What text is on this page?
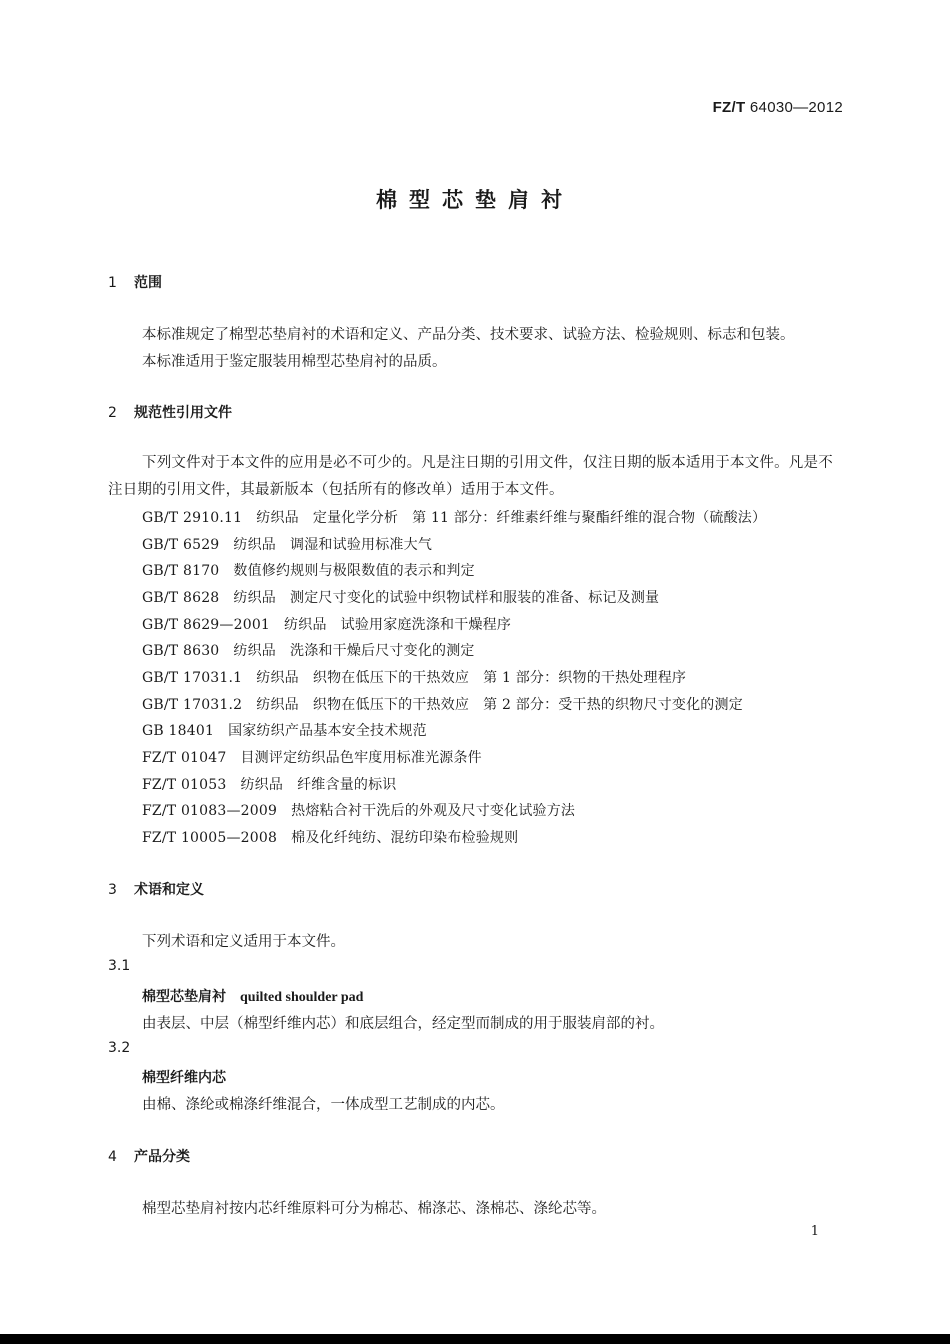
FZ/T 64030—2012
棉型芯垫肩衬
1 范围
本标准规定了棉型芯垫肩衬的术语和定义、产品分类、技术要求、试验方法、检验规则、标志和包装。
本标准适用于鉴定服装用棉型芯垫肩衬的品质。
2 规范性引用文件
下列文件对于本文件的应用是必不可少的。凡是注日期的引用文件，仅注日期的版本适用于本文件。凡是不注日期的引用文件，其最新版本（包括所有的修改单）适用于本文件。
GB/T 2910.11 纺织品 定量化学分析 第 11 部分：纤维素纤维与聚酯纤维的混合物（硫酸法）
GB/T 6529 纺织品 调湿和试验用标准大气
GB/T 8170 数值修约规则与极限数值的表示和判定
GB/T 8628 纺织品 测定尺寸变化的试验中织物试样和服装的准备、标记及测量
GB/T 8629—2001 纺织品 试验用家庭洗涤和干燥程序
GB/T 8630 纺织品 洗涤和干燥后尺寸变化的测定
GB/T 17031.1 纺织品 织物在低压下的干热效应 第 1 部分：织物的干热处理程序
GB/T 17031.2 纺织品 织物在低压下的干热效应 第 2 部分：受干热的织物尺寸变化的测定
GB 18401 国家纺织产品基本安全技术规范
FZ/T 01047 目测评定纺织品色牢度用标准光源条件
FZ/T 01053 纺织品 纤维含量的标识
FZ/T 01083—2009 热熔粘合衬干洗后的外观及尺寸变化试验方法
FZ/T 10005—2008 棉及化纤纯纺、混纺印染布检验规则
3 术语和定义
下列术语和定义适用于本文件。
3.1
棉型芯垫肩衬 quilted shoulder pad
由表层、中层（棉型纤维内芯）和底层组合，经定型而制成的用于服装肩部的衬。
3.2
棉型纤维内芯
由棉、涤纶或棉涤纤维混合，一体成型工艺制成的内芯。
4 产品分类
棉型芯垫肩衬按内芯纤维原料可分为棉芯、棉涤芯、涤棉芯、涤纶芯等。
1
